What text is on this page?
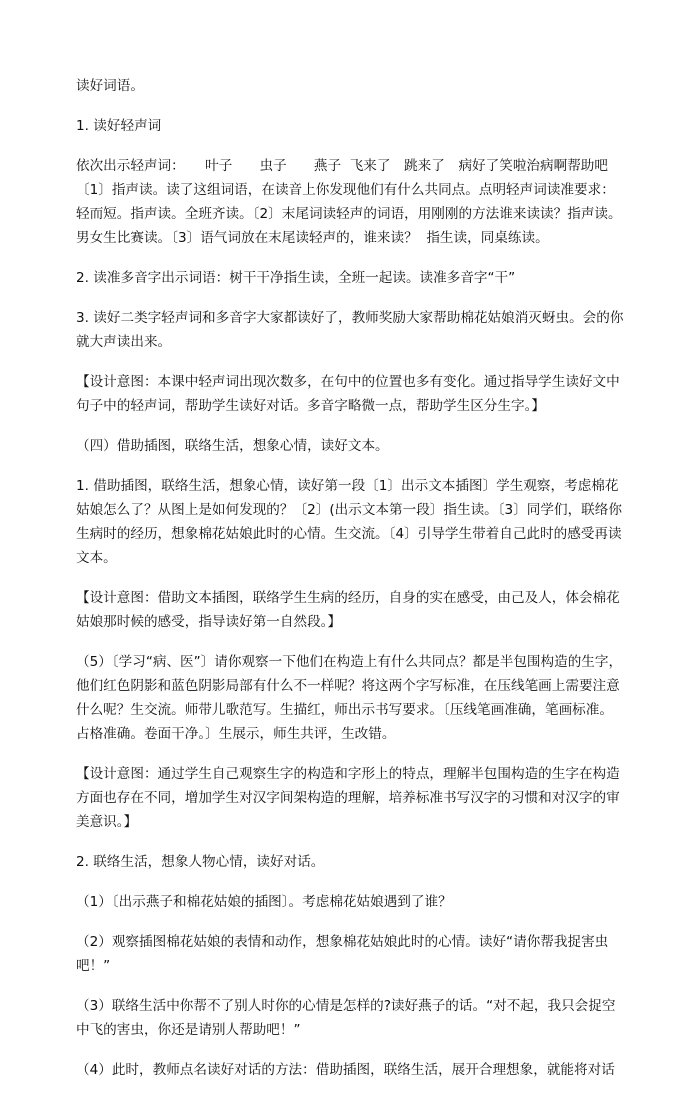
读好词语。

1. 读好轻声词

依次出示轻声词：　　叶子　　虫子　　燕子  飞来了　跳来了　病好了笑啦治病啊帮助吧〔1〕指声读。读了这组词语，在读音上你发现他们有什么共同点。点明轻声词读准要求：轻而短。指声读。全班齐读。〔2〕末尾词读轻声的词语，用刚刚的方法谁来读读？指声读。男女生比赛读。〔3〕语气词放在末尾读轻声的，谁来读？  指生读，同桌练读。

2. 读准多音字出示词语：树干干净指生读，全班一起读。读准多音字“干”

3. 读好二类字轻声词和多音字大家都读好了，教师奖励大家帮助棉花姑娘消灭蚜虫。会的你就大声读出来。

【设计意图：本课中轻声词出现次数多，在句中的位置也多有变化。通过指导学生读好文中句子中的轻声词，帮助学生读好对话。多音字略微一点，帮助学生区分生字。】

（四）借助插图，联络生活，想象心情，读好文本。

1. 借助插图，联络生活，想象心情，读好第一段〔1〕出示文本插图〕学生观察，考虑棉花姑娘怎么了？从图上是如何发现的？〔2〕(出示文本第一段〕指生读。〔3〕同学们，联络你生病时的经历，想象棉花姑娘此时的心情。生交流。〔4〕引导学生带着自己此时的感受再读文本。

【设计意图：借助文本插图，联络学生生病的经历，自身的实在感受，由己及人，体会棉花姑娘那时候的感受，指导读好第一自然段。】

（5）〔学习“病、医”〕请你观察一下他们在构造上有什么共同点？都是半包围构造的生字，他们红色阴影和蓝色阴影局部有什么不一样呢？将这两个字写标准，在压线笔画上需要注意什么呢？生交流。师带儿歌范写。生描红，师出示书写要求。〔压线笔画准确，笔画标准。占格准确。卷面干净。〕生展示，师生共评，生改错。

【设计意图：通过学生自己观察生字的构造和字形上的特点，理解半包围构造的生字在构造方面也存在不同，增加学生对汉字间架构造的理解，培养标准书写汉字的习惯和对汉字的审美意识。】

2. 联络生活，想象人物心情，读好对话。

（1）〔出示燕子和棉花姑娘的插图〕。考虑棉花姑娘遇到了谁？

（2）观察插图棉花姑娘的表情和动作，想象棉花姑娘此时的心情。读好“请你帮我捉害虫吧！”

（3）联络生活中你帮不了别人时你的心情是怎样的?读好燕子的话。“对不起，我只会捉空中飞的害虫，你还是请别人帮助吧！”

（4）此时，教师点名读好对话的方法：借助插图，联络生活，展开合理想象，就能将对话
